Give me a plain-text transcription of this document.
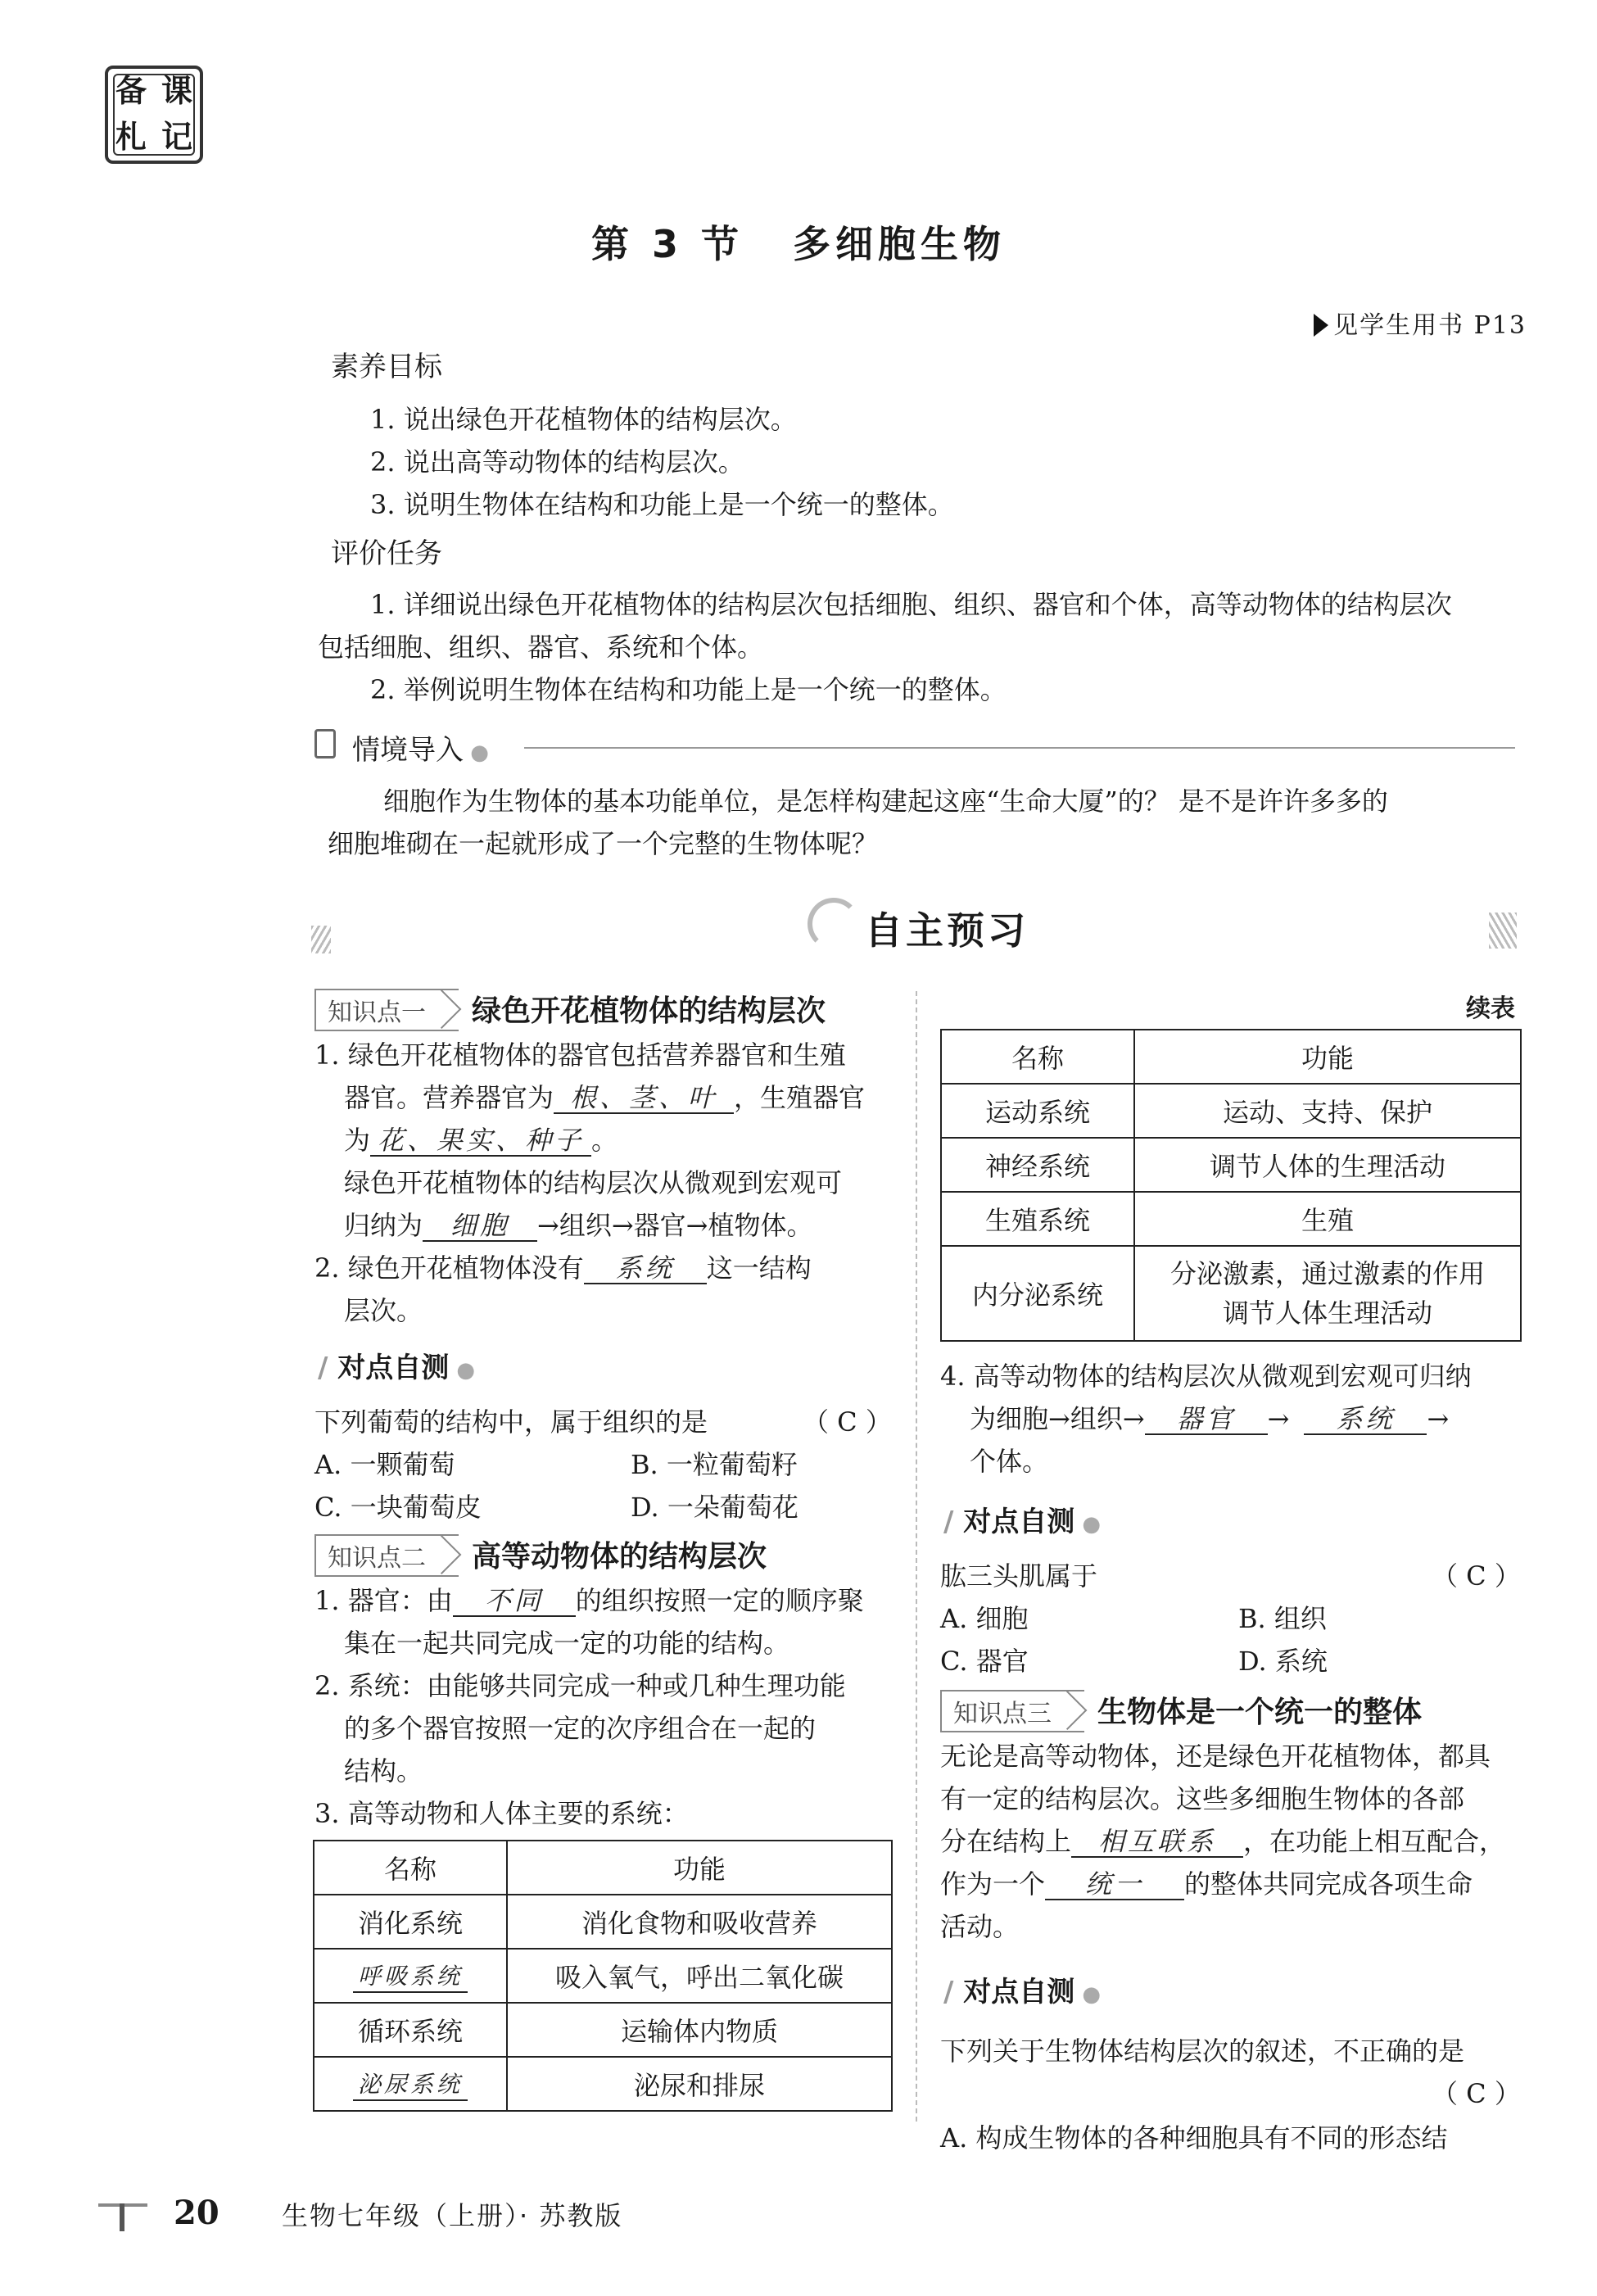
备 课
札 记
第 3 节 多细胞生物
见学生用书 P13
素养目标
1. 说出绿色开花植物体的结构层次。
2. 说出高等动物体的结构层次。
3. 说明生物体在结构和功能上是一个统一的整体。
评价任务
1. 详细说出绿色开花植物体的结构层次包括细胞、组织、器官和个体，高等动物体的结构层次
包括细胞、组织、器官、系统和个体。
2. 举例说明生物体在结构和功能上是一个统一的整体。
情境导入 ●
细胞作为生物体的基本功能单位，是怎样构建起这座“生命大厦”的？ 是不是许许多多的
细胞堆砌在一起就形成了一个完整的生物体呢？
自主预习
知识点一 绿色开花植物体的结构层次
1. 绿色开花植物体的器官包括营养器官和生殖
器官。营养器官为 根、茎、叶 ，生殖器官
为 花、果实、种子 。
绿色开花植物体的结构层次从微观到宏观可
归纳为 细胞 →组织→器官→植物体。
2. 绿色开花植物体没有 系统 这一结构
层次。
/ 对点自测 ●
下列葡萄的结构中，属于组织的是	（ C ）
A. 一颗葡萄	B. 一粒葡萄籽
C. 一块葡萄皮	D. 一朵葡萄花
知识点二 高等动物体的结构层次
1. 器官：由 不同 的组织按照一定的顺序聚
集在一起共同完成一定的功能的结构。
2. 系统：由能够共同完成一种或几种生理功能
的多个器官按照一定的次序组合在一起的
结构。
3. 高等动物和人体主要的系统：
名称	功能
消化系统	消化食物和吸收营养
呼吸系统	吸入氧气，呼出二氧化碳
循环系统	运输体内物质
泌尿系统	泌尿和排尿
续表
名称	功能
运动系统	运动、支持、保护
神经系统	调节人体的生理活动
生殖系统	生殖
内分泌系统	分泌激素，通过激素的作用
调节人体生理活动
4. 高等动物体的结构层次从微观到宏观可归纳
为细胞→组织→ 器官 → 系统 →
个体。
/ 对点自测 ●
肱三头肌属于	（ C ）
A. 细胞	B. 组织
C. 器官	D. 系统
知识点三 生物体是一个统一的整体
无论是高等动物体，还是绿色开花植物体，都具
有一定的结构层次。这些多细胞生物体的各部
分在结构上 相互联系 ，在功能上相互配合，
作为一个 统一 的整体共同完成各项生命
活动。
/ 对点自测 ●
下列关于生物体结构层次的叙述，不正确的是
（ C ）
A. 构成生物体的各种细胞具有不同的形态结
20 生物七年级（上册）· 苏教版
